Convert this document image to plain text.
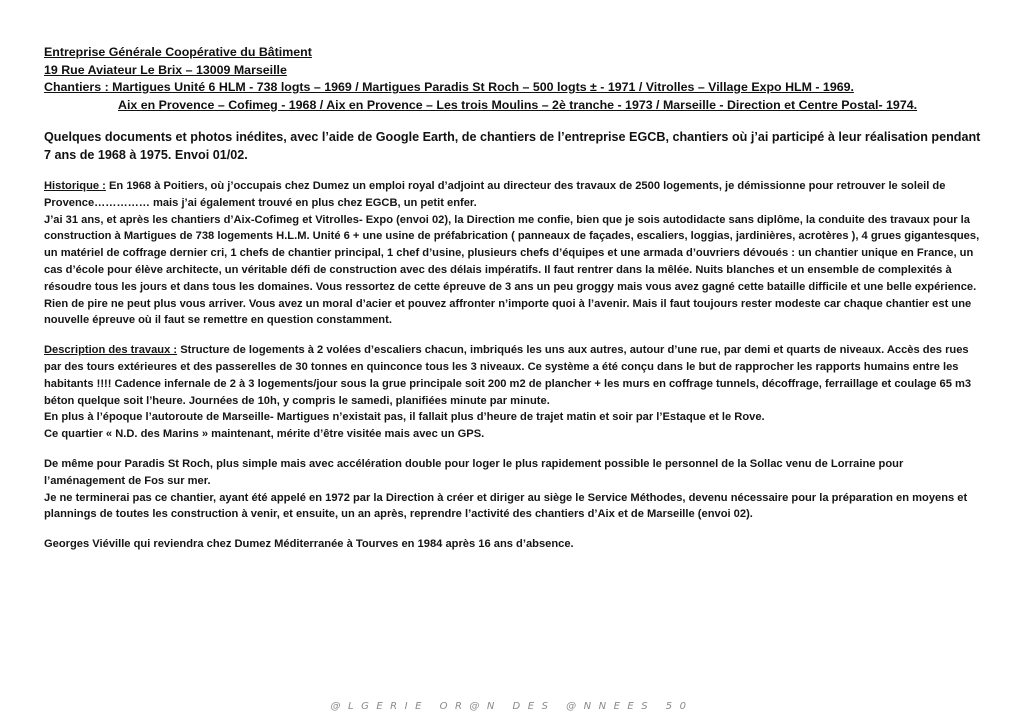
Entreprise Générale Coopérative du Bâtiment
19 Rue Aviateur Le Brix – 13009 Marseille
Chantiers : Martigues Unité 6 HLM - 738 logts – 1969 / Martigues Paradis St Roch – 500 logts ± - 1971 / Vitrolles – Village Expo HLM - 1969.
Aix en Provence – Cofimeg - 1968 / Aix en Provence – Les trois Moulins – 2è tranche - 1973 / Marseille - Direction et Centre Postal- 1974.
Quelques documents et photos inédites, avec l’aide de Google Earth, de chantiers de l’entreprise EGCB, chantiers où j’ai participé à leur réalisation pendant 7 ans de 1968 à 1975. Envoi 01/02.
Historique : En 1968 à Poitiers, où j’occupais chez Dumez un emploi royal d’adjoint au directeur des travaux de 2500 logements, je démissionne pour retrouver le soleil de Provence…………… mais j’ai également trouvé en plus chez EGCB, un petit enfer.
J’ai 31 ans, et après les chantiers d’Aix-Cofimeg et Vitrolles- Expo (envoi 02), la Direction me confie, bien que je sois autodidacte sans diplôme, la conduite des travaux pour la construction à Martigues de 738 logements H.L.M. Unité 6 + une usine de préfabrication ( panneaux de façades, escaliers, loggias, jardinières, acrotères ), 4 grues gigantesques, un matériel de coffrage dernier cri, 1 chefs de chantier principal, 1 chef d’usine, plusieurs chefs d’équipes et une armada d’ouvriers dévoués : un chantier unique en France, un cas d’école pour élève architecte, un véritable défi de construction avec des délais impératifs. Il faut rentrer dans la mêlée. Nuits blanches et un ensemble de complexités à résoudre tous les jours et dans tous les domaines. Vous ressortez de cette épreuve de 3 ans un peu groggy mais vous avez gagné cette bataille difficile et une belle expérience. Rien de pire ne peut plus vous arriver. Vous avez un moral d’acier et pouvez affronter n’importe quoi à l’avenir. Mais il faut toujours rester modeste car chaque chantier est une nouvelle épreuve où il faut se remettre en question constamment.
Description des travaux : Structure de logements à 2 volées d’escaliers chacun, imbriqués les uns aux autres, autour d’une rue, par demi et quarts de niveaux. Accès des rues par des tours extérieures et des passerelles de 30 tonnes en quinconce tous les 3 niveaux. Ce système a été conçu dans le but de rapprocher les rapports humains entre les habitants !!!! Cadence infernale de 2 à 3 logements/jour sous la grue principale soit 200 m2 de plancher + les murs en coffrage tunnels, décoffrage, ferraillage et coulage 65 m3 béton quelque soit l’heure. Journées de 10h, y compris le samedi, planifiées minute par minute.
En plus à l’époque l’autoroute de Marseille- Martigues n’existait pas, il fallait plus d’heure de trajet matin et soir par l’Estaque et le Rove.
Ce quartier « N.D. des Marins » maintenant, mérite d’être visitée mais avec un GPS.
De même pour Paradis St Roch, plus simple mais avec accélération double pour loger le plus rapidement possible le personnel de la Sollac venu de Lorraine pour l’aménagement de Fos sur mer.
Je ne terminerai pas ce chantier, ayant été appelé en 1972 par la Direction à créer et diriger au siège le Service Méthodes, devenu nécessaire pour la préparation en moyens et plannings de toutes les construction à venir, et ensuite, un an après, reprendre l’activité des chantiers d’Aix et de Marseille (envoi 02).
Georges Viéville qui reviendra chez Dumez Méditerranée à Tourves en 1984 après 16 ans d’absence.
@LGERIE OR@N DES @NNEES 50
